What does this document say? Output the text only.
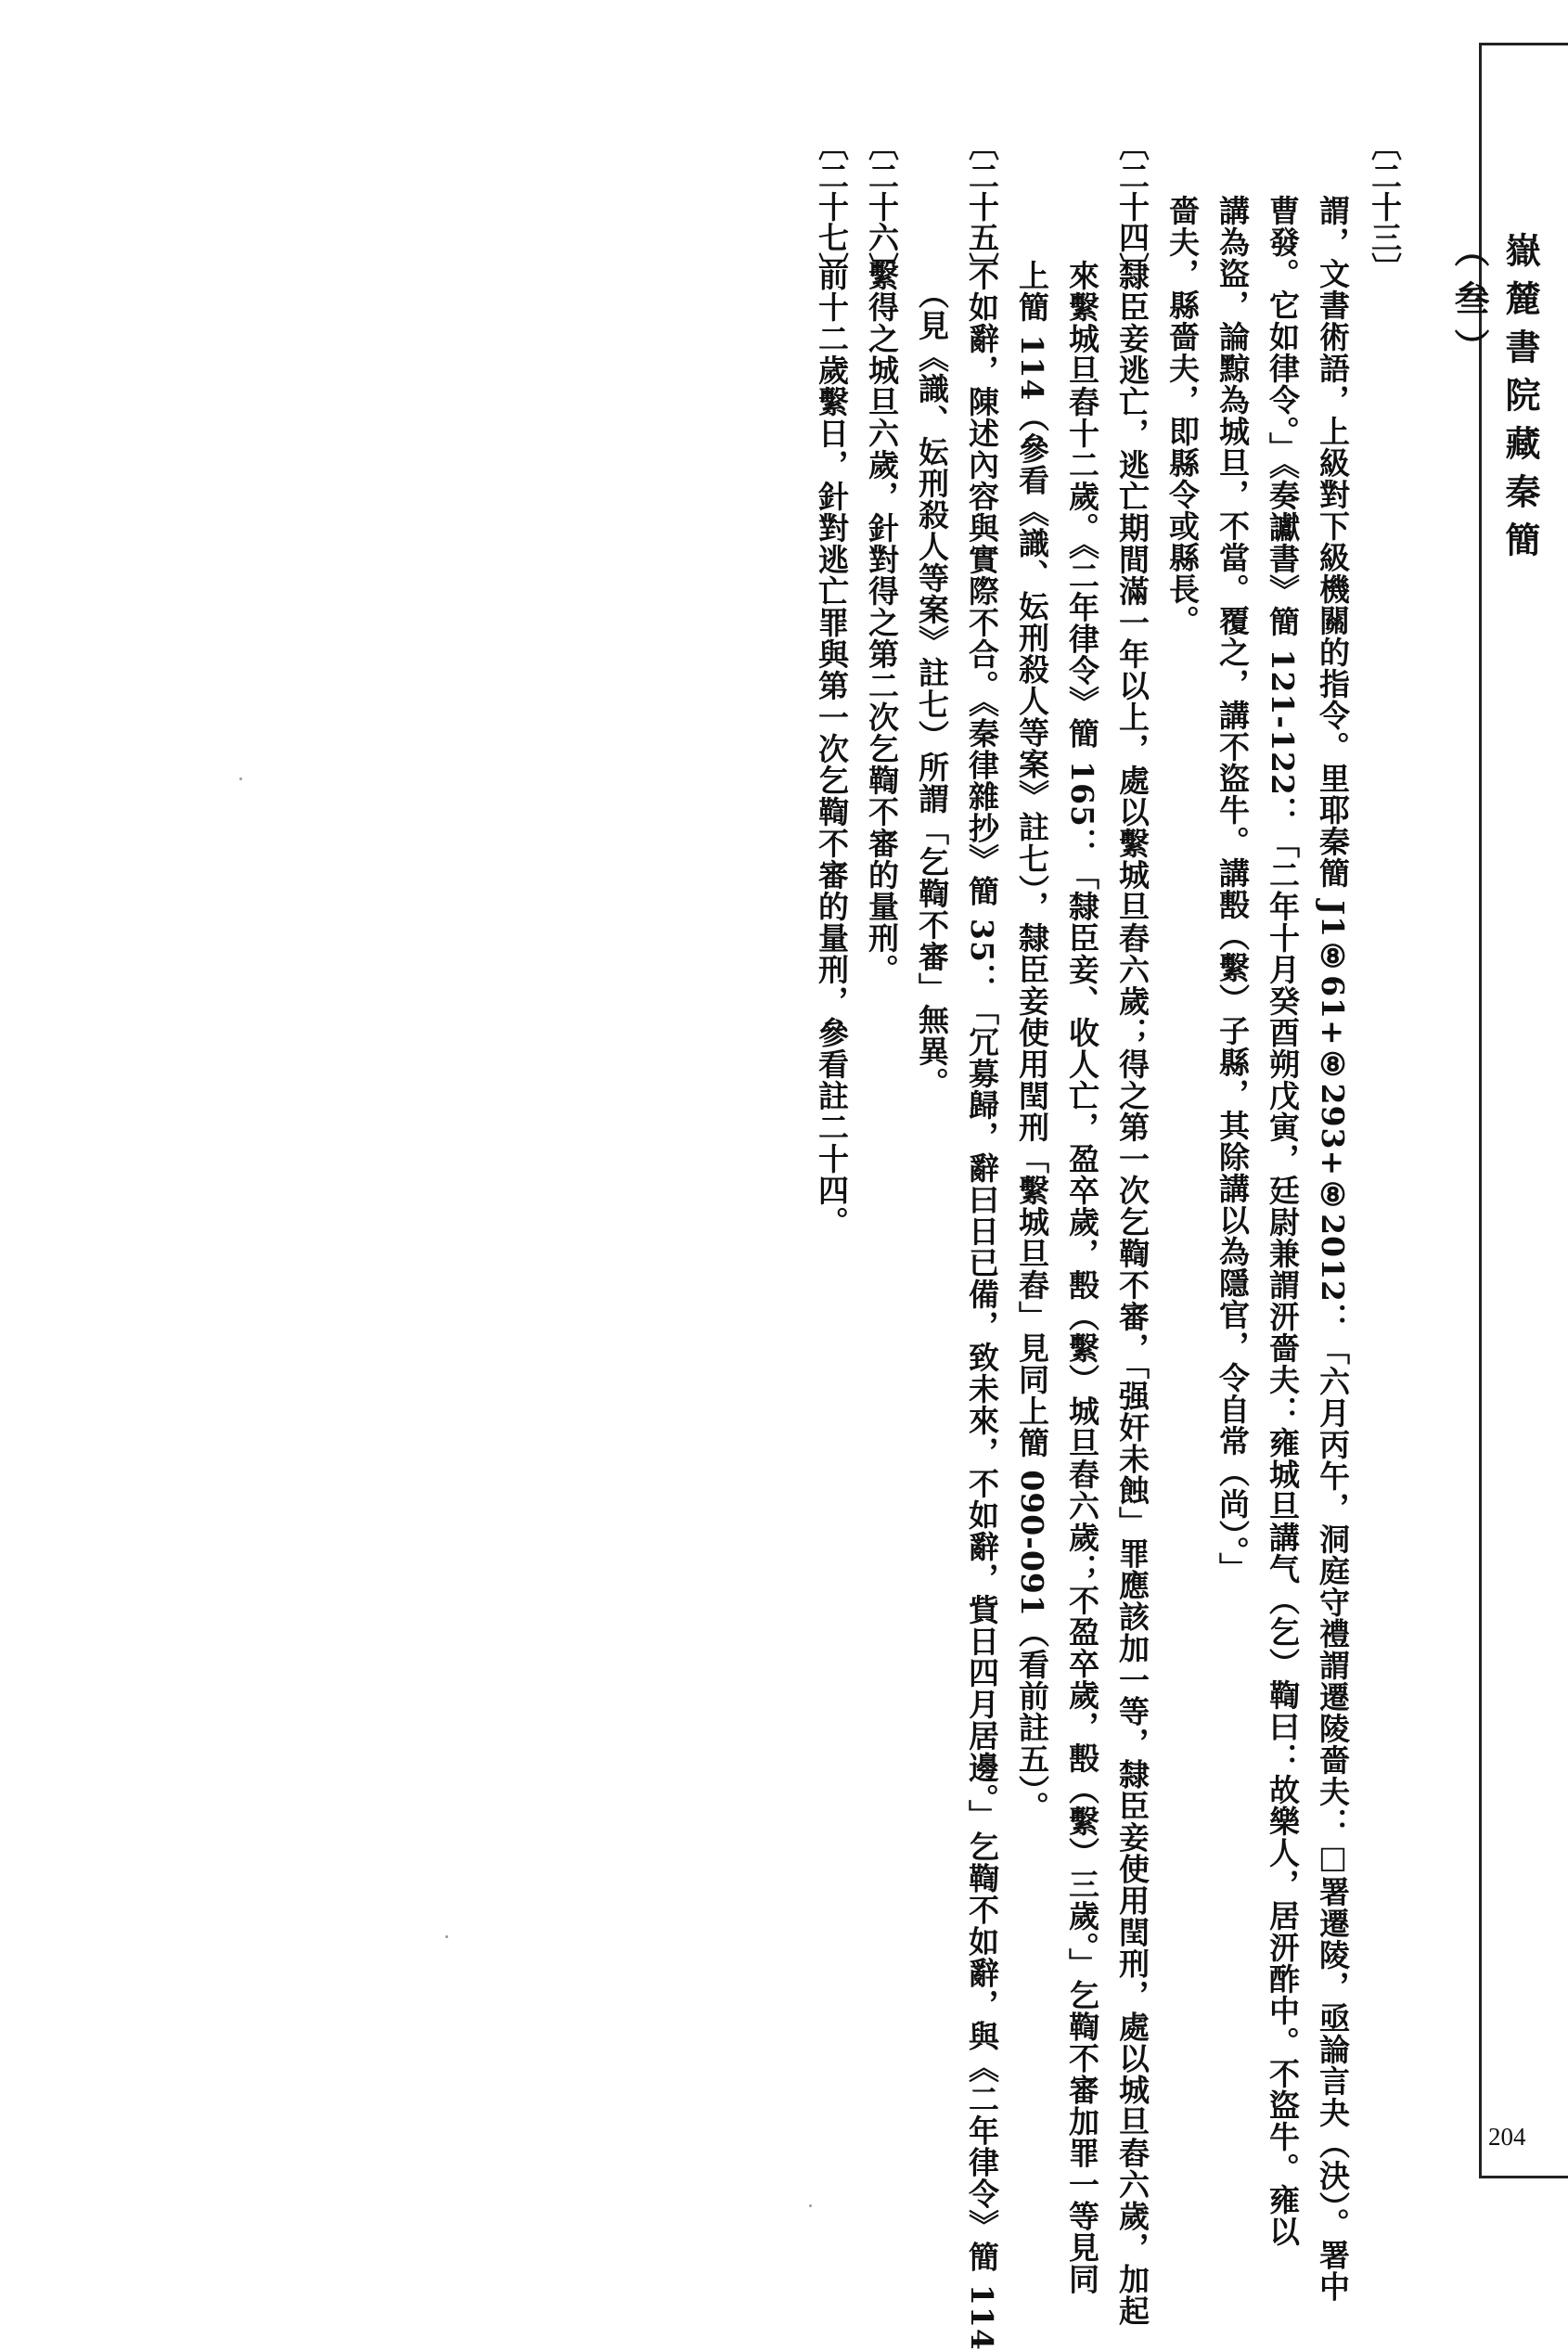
嶽麓書院藏秦簡（叁）
204
〔二十三〕
謂，文書術語，上級對下級機關的指令。里耶秦簡 J1⑧61+⑧293+⑧2012：「六月丙午，洞庭守禮謂遷陵嗇夫：□署遷陵，亟論言夬（決）。署中
曹發。它如律令。」《奏讞書》簡 121-122：「二年十月癸酉朔戊寅，廷尉兼謂汧嗇夫：雍城旦講气（乞）鞫曰：故樂人，居汧酢中。不盜牛。雍以
講為盜，論黥為城旦，不當。覆之，講不盜牛。講毄（繫）子縣，其除講以為隱官，令自常（尚）。」
嗇夫，縣嗇夫，即縣令或縣長。
〔二十四〕
隸臣妾逃亡，逃亡期間滿一年以上，處以繫城旦舂六歲；得之第一次乞鞫不審，「强奸未蝕」罪應該加一等，隸臣妾使用閏刑，處以城旦舂六歲，加起
來繫城旦舂十二歲。《二年律令》簡 165：「隸臣妾、收人亡，盈卒歲，毄（繫）城旦舂六歲；不盈卒歲，毄（繫）三歲。」乞鞫不審加罪一等見同
上簡 114（參看《識、妘刑殺人等案》註七），隸臣妾使用閏刑「繫城旦舂」見同上簡 090-091（看前註五）。
〔二十五〕
不如辭，陳述內容與實際不合。《秦律雜抄》簡 35：「冗募歸，辭曰日已備，致未來，不如辭，貲日四月居邊。」乞鞫不如辭，與《二年律令》簡 114
（見《識、妘刑殺人等案》註七）所謂「乞鞫不審」無異。
〔二十六〕
繫得之城旦六歲，針對得之第二次乞鞫不審的量刑。
〔二十七〕
前十二歲繫日，針對逃亡罪與第一次乞鞫不審的量刑，參看註二十四。
